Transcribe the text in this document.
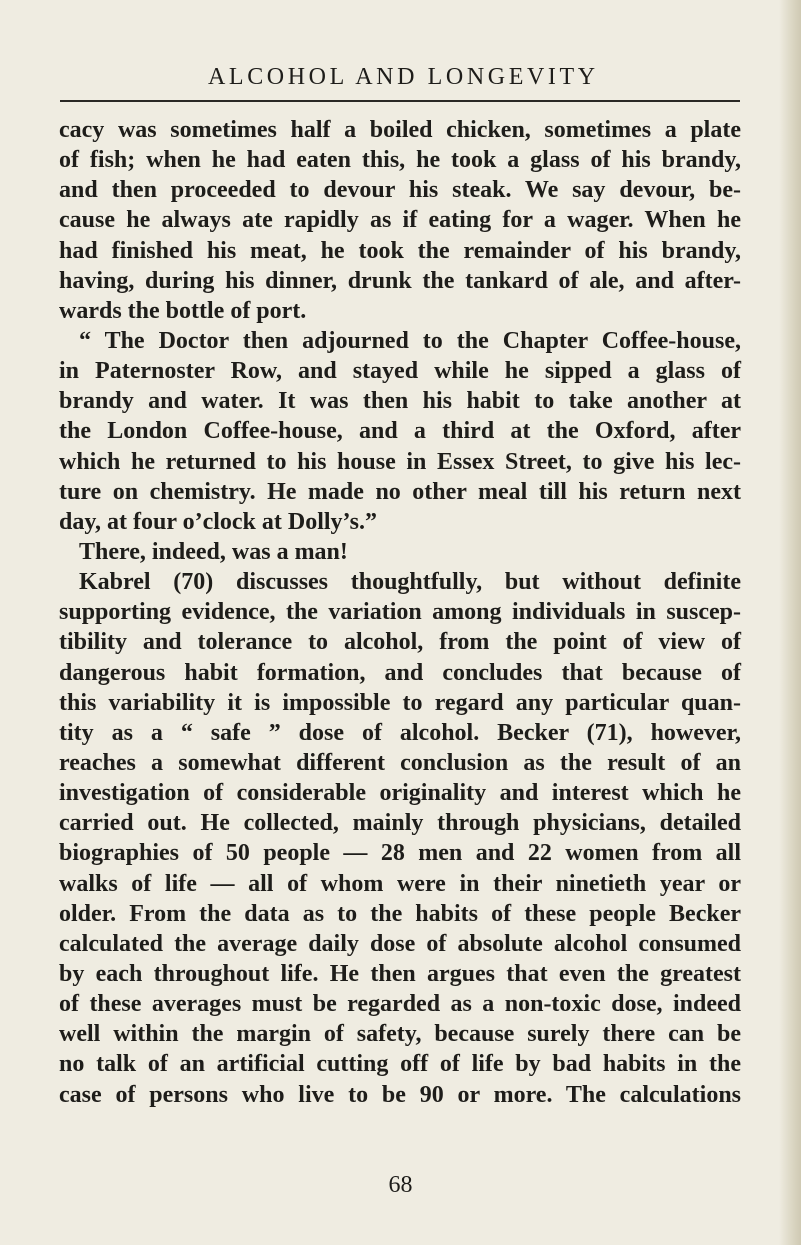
ALCOHOL AND LONGEVITY
cacy was sometimes half a boiled chicken, sometimes a plate
of fish; when he had eaten this, he took a glass of his brandy,
and then proceeded to devour his steak. We say devour, be-
cause he always ate rapidly as if eating for a wager. When he
had finished his meat, he took the remainder of his brandy,
having, during his dinner, drunk the tankard of ale, and after-
wards the bottle of port.
“ The Doctor then adjourned to the Chapter Coffee-house,
in Paternoster Row, and stayed while he sipped a glass of
brandy and water. It was then his habit to take another at
the London Coffee-house, and a third at the Oxford, after
which he returned to his house in Essex Street, to give his lec-
ture on chemistry. He made no other meal till his return next
day, at four o’clock at Dolly’s.”
There, indeed, was a man!
Kabrel (70) discusses thoughtfully, but without definite
supporting evidence, the variation among individuals in suscep-
tibility and tolerance to alcohol, from the point of view of
dangerous habit formation, and concludes that because of
this variability it is impossible to regard any particular quan-
tity as a “ safe ” dose of alcohol. Becker (71), however,
reaches a somewhat different conclusion as the result of an
investigation of considerable originality and interest which he
carried out. He collected, mainly through physicians, detailed
biographies of 50 people — 28 men and 22 women from all
walks of life — all of whom were in their ninetieth year or
older. From the data as to the habits of these people Becker
calculated the average daily dose of absolute alcohol consumed
by each throughout life. He then argues that even the greatest
of these averages must be regarded as a non-toxic dose, indeed
well within the margin of safety, because surely there can be
no talk of an artificial cutting off of life by bad habits in the
case of persons who live to be 90 or more. The calculations
68
